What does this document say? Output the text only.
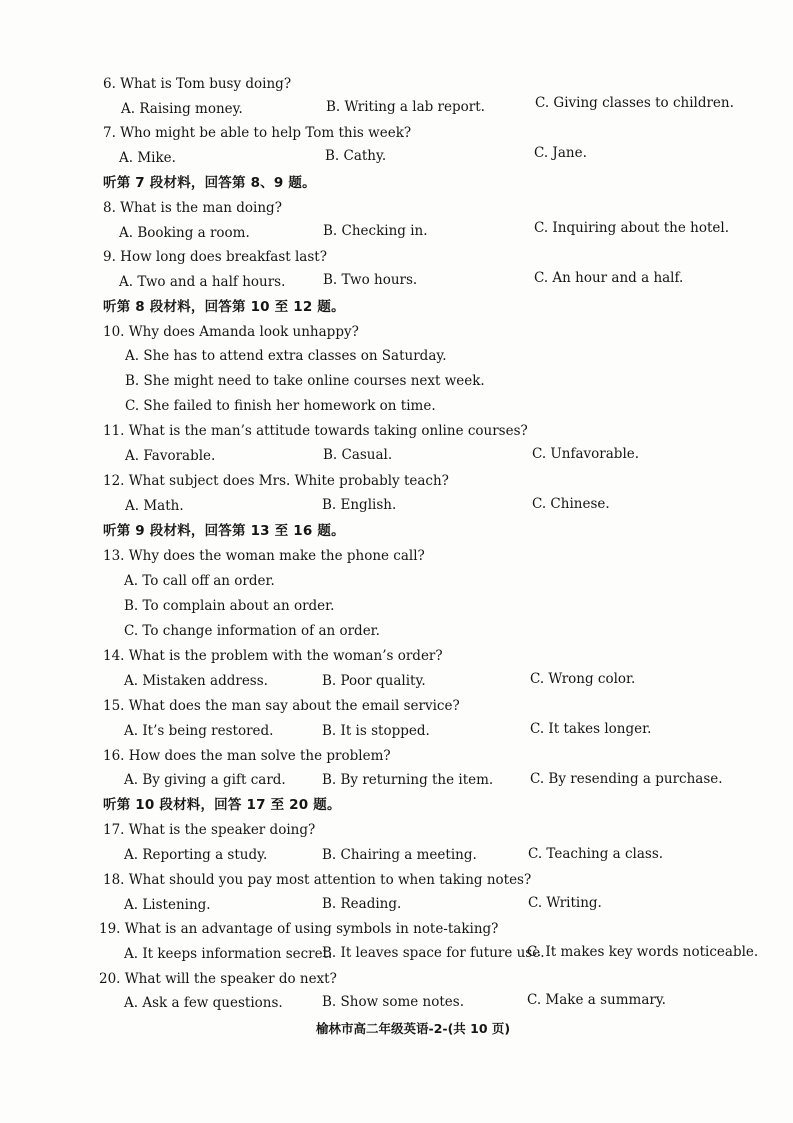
6. What is Tom busy doing?
A. Raising money.	B. Writing a lab report.	C. Giving classes to children.
7. Who might be able to help Tom this week?
A. Mike.	B. Cathy.	C. Jane.
听第 7 段材料，回答第 8、9 题。
8. What is the man doing?
A. Booking a room.	B. Checking in.	C. Inquiring about the hotel.
9. How long does breakfast last?
A. Two and a half hours.	B. Two hours.	C. An hour and a half.
听第 8 段材料，回答第 10 至 12 题。
10. Why does Amanda look unhappy?
A. She has to attend extra classes on Saturday.
B. She might need to take online courses next week.
C. She failed to finish her homework on time.
11. What is the man’s attitude towards taking online courses?
A. Favorable.	B. Casual.	C. Unfavorable.
12. What subject does Mrs. White probably teach?
A. Math.	B. English.	C. Chinese.
听第 9 段材料，回答第 13 至 16 题。
13. Why does the woman make the phone call?
A. To call off an order.
B. To complain about an order.
C. To change information of an order.
14. What is the problem with the woman’s order?
A. Mistaken address.	B. Poor quality.	C. Wrong color.
15. What does the man say about the email service?
A. It’s being restored.	B. It is stopped.	C. It takes longer.
16. How does the man solve the problem?
A. By giving a gift card.	B. By returning the item.	C. By resending a purchase.
听第 10 段材料，回答 17 至 20 题。
17. What is the speaker doing?
A. Reporting a study.	B. Chairing a meeting.	C. Teaching a class.
18. What should you pay most attention to when taking notes?
A. Listening.	B. Reading.	C. Writing.
19. What is an advantage of using symbols in note-taking?
A. It keeps information secret.
B. It leaves space for future use.
C. It makes key words noticeable.
20. What will the speaker do next?
A. Ask a few questions.	B. Show some notes.	C. Make a summary.
榆林市高二年级英语-2-(共 10 页)
